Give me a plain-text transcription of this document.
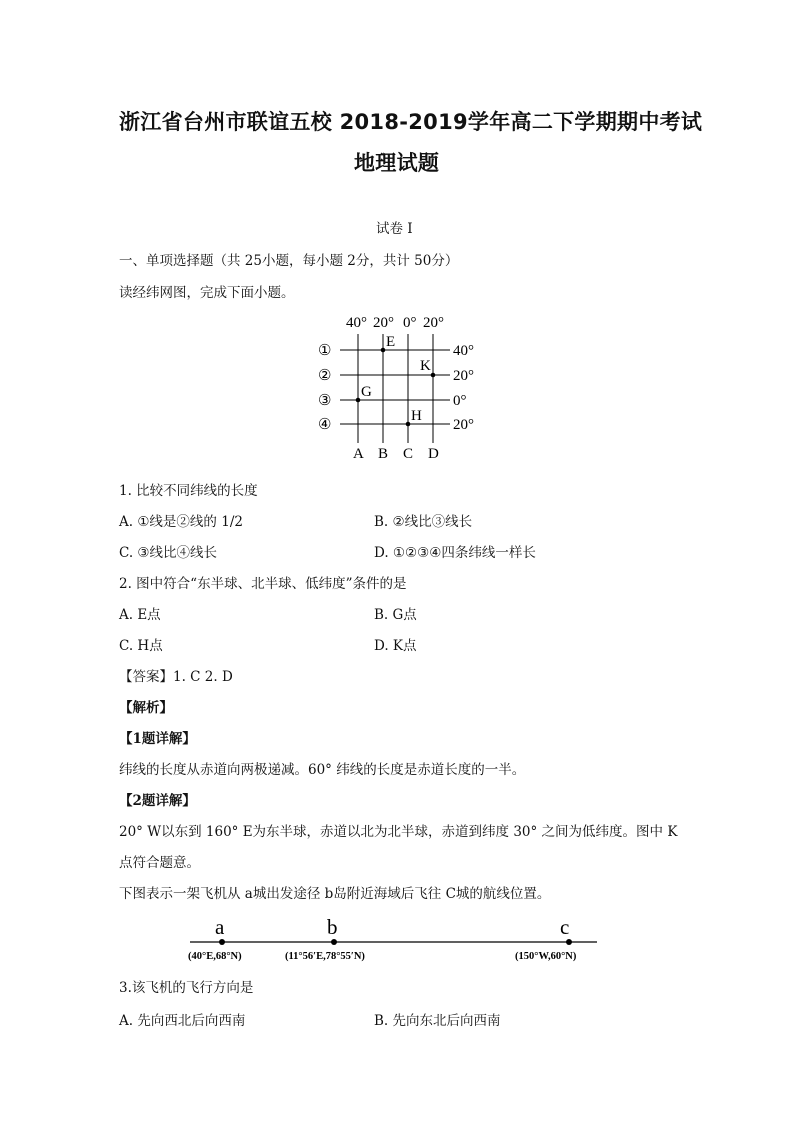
浙江省台州市联谊五校 2018-2019学年高二下学期期中考试
地理试题
试卷 I
一、单项选择题（共 25小题，每小题 2分，共计 50分）
读经纬网图，完成下面小题。
40° 20° 0° 20°
40°
20°
0°
20°
①
②
③
④
A B C D
E
K
G
H
1. 比较不同纬线的长度
A. ①线是②线的 1/2	B. ②线比③线长
C. ③线比④线长	D. ①②③④四条纬线一样长
2. 图中符合“东半球、北半球、低纬度”条件的是
A. E点	B. G点
C. H点	D. K点
【答案】1. C 2. D
【解析】
【1题详解】
纬线的长度从赤道向两极递减。60° 纬线的长度是赤道长度的一半。
【2题详解】
20° W以东到 160° E为东半球，赤道以北为北半球，赤道到纬度 30° 之间为低纬度。图中 K
点符合题意。
下图表示一架飞机从 a城出发途径 b岛附近海域后飞往 C城的航线位置。
a	b	c
(40°E,68°N)	(11°56′E,78°55′N)	(150°W,60°N)
3.该飞机的飞行方向是
A. 先向西北后向西南	B. 先向东北后向西南
